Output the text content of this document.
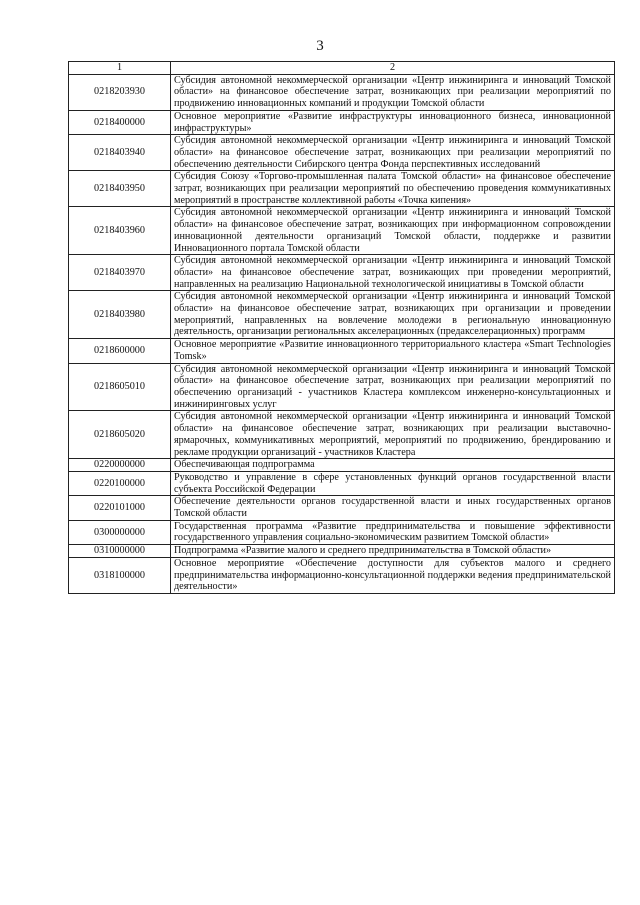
3
1	2
0218203930	Субсидия автономной некоммерческой организации «Центр инжиниринга и инноваций Томской области» на финансовое обеспечение затрат, возникающих при реализации мероприятий по продвижению инновационных компаний и продукции Томской области
0218400000	Основное мероприятие «Развитие инфраструктуры инновационного бизнеса, инновационной инфраструктуры»
0218403940	Субсидия автономной некоммерческой организации «Центр инжиниринга и инноваций Томской области» на финансовое обеспечение затрат, возникающих при реализации мероприятий по обеспечению деятельности Сибирского центра Фонда перспективных исследований
0218403950	Субсидия Союзу «Торгово-промышленная палата Томской области» на финансовое обеспечение затрат, возникающих при реализации мероприятий по обеспечению проведения коммуникативных мероприятий в пространстве коллективной работы «Точка кипения»
0218403960	Субсидия автономной некоммерческой организации «Центр инжиниринга и инноваций Томской области» на финансовое обеспечение затрат, возникающих при информационном сопровождении инновационной деятельности организаций Томской области, поддержке и развитии Инновационного портала Томской области
0218403970	Субсидия автономной некоммерческой организации «Центр инжиниринга и инноваций Томской области» на финансовое обеспечение затрат, возникающих при проведении мероприятий, направленных на реализацию Национальной технологической инициативы в Томской области
0218403980	Субсидия автономной некоммерческой организации «Центр инжиниринга и инноваций Томской области» на финансовое обеспечение затрат, возникающих при организации и проведении мероприятий, направленных на вовлечение молодежи в региональную инновационную деятельность, организации региональных акселерационных (предакселерационных) программ
0218600000	Основное мероприятие «Развитие инновационного территориального кластера «Smart Technologies Tomsk»
0218605010	Субсидия автономной некоммерческой организации «Центр инжиниринга и инноваций Томской области» на финансовое обеспечение затрат, возникающих при реализации мероприятий по обеспечению организаций - участников Кластера комплексом инженерно-консультационных и инжиниринговых услуг
0218605020	Субсидия автономной некоммерческой организации «Центр инжиниринга и инноваций Томской области» на финансовое обеспечение затрат, возникающих при реализации выставочно-ярмарочных, коммуникативных мероприятий, мероприятий по продвижению, брендированию и рекламе продукции организаций - участников Кластера
0220000000	Обеспечивающая подпрограмма
0220100000	Руководство и управление в сфере установленных функций органов государственной власти субъекта Российской Федерации
0220101000	Обеспечение деятельности органов государственной власти и иных государственных органов Томской области
0300000000	Государственная программа «Развитие предпринимательства и повышение эффективности государственного управления социально-экономическим развитием Томской области»
0310000000	Подпрограмма «Развитие малого и среднего предпринимательства в Томской области»
0318100000	Основное мероприятие «Обеспечение доступности для субъектов малого и среднего предпринимательства информационно-консультационной поддержки ведения предпринимательской деятельности»
